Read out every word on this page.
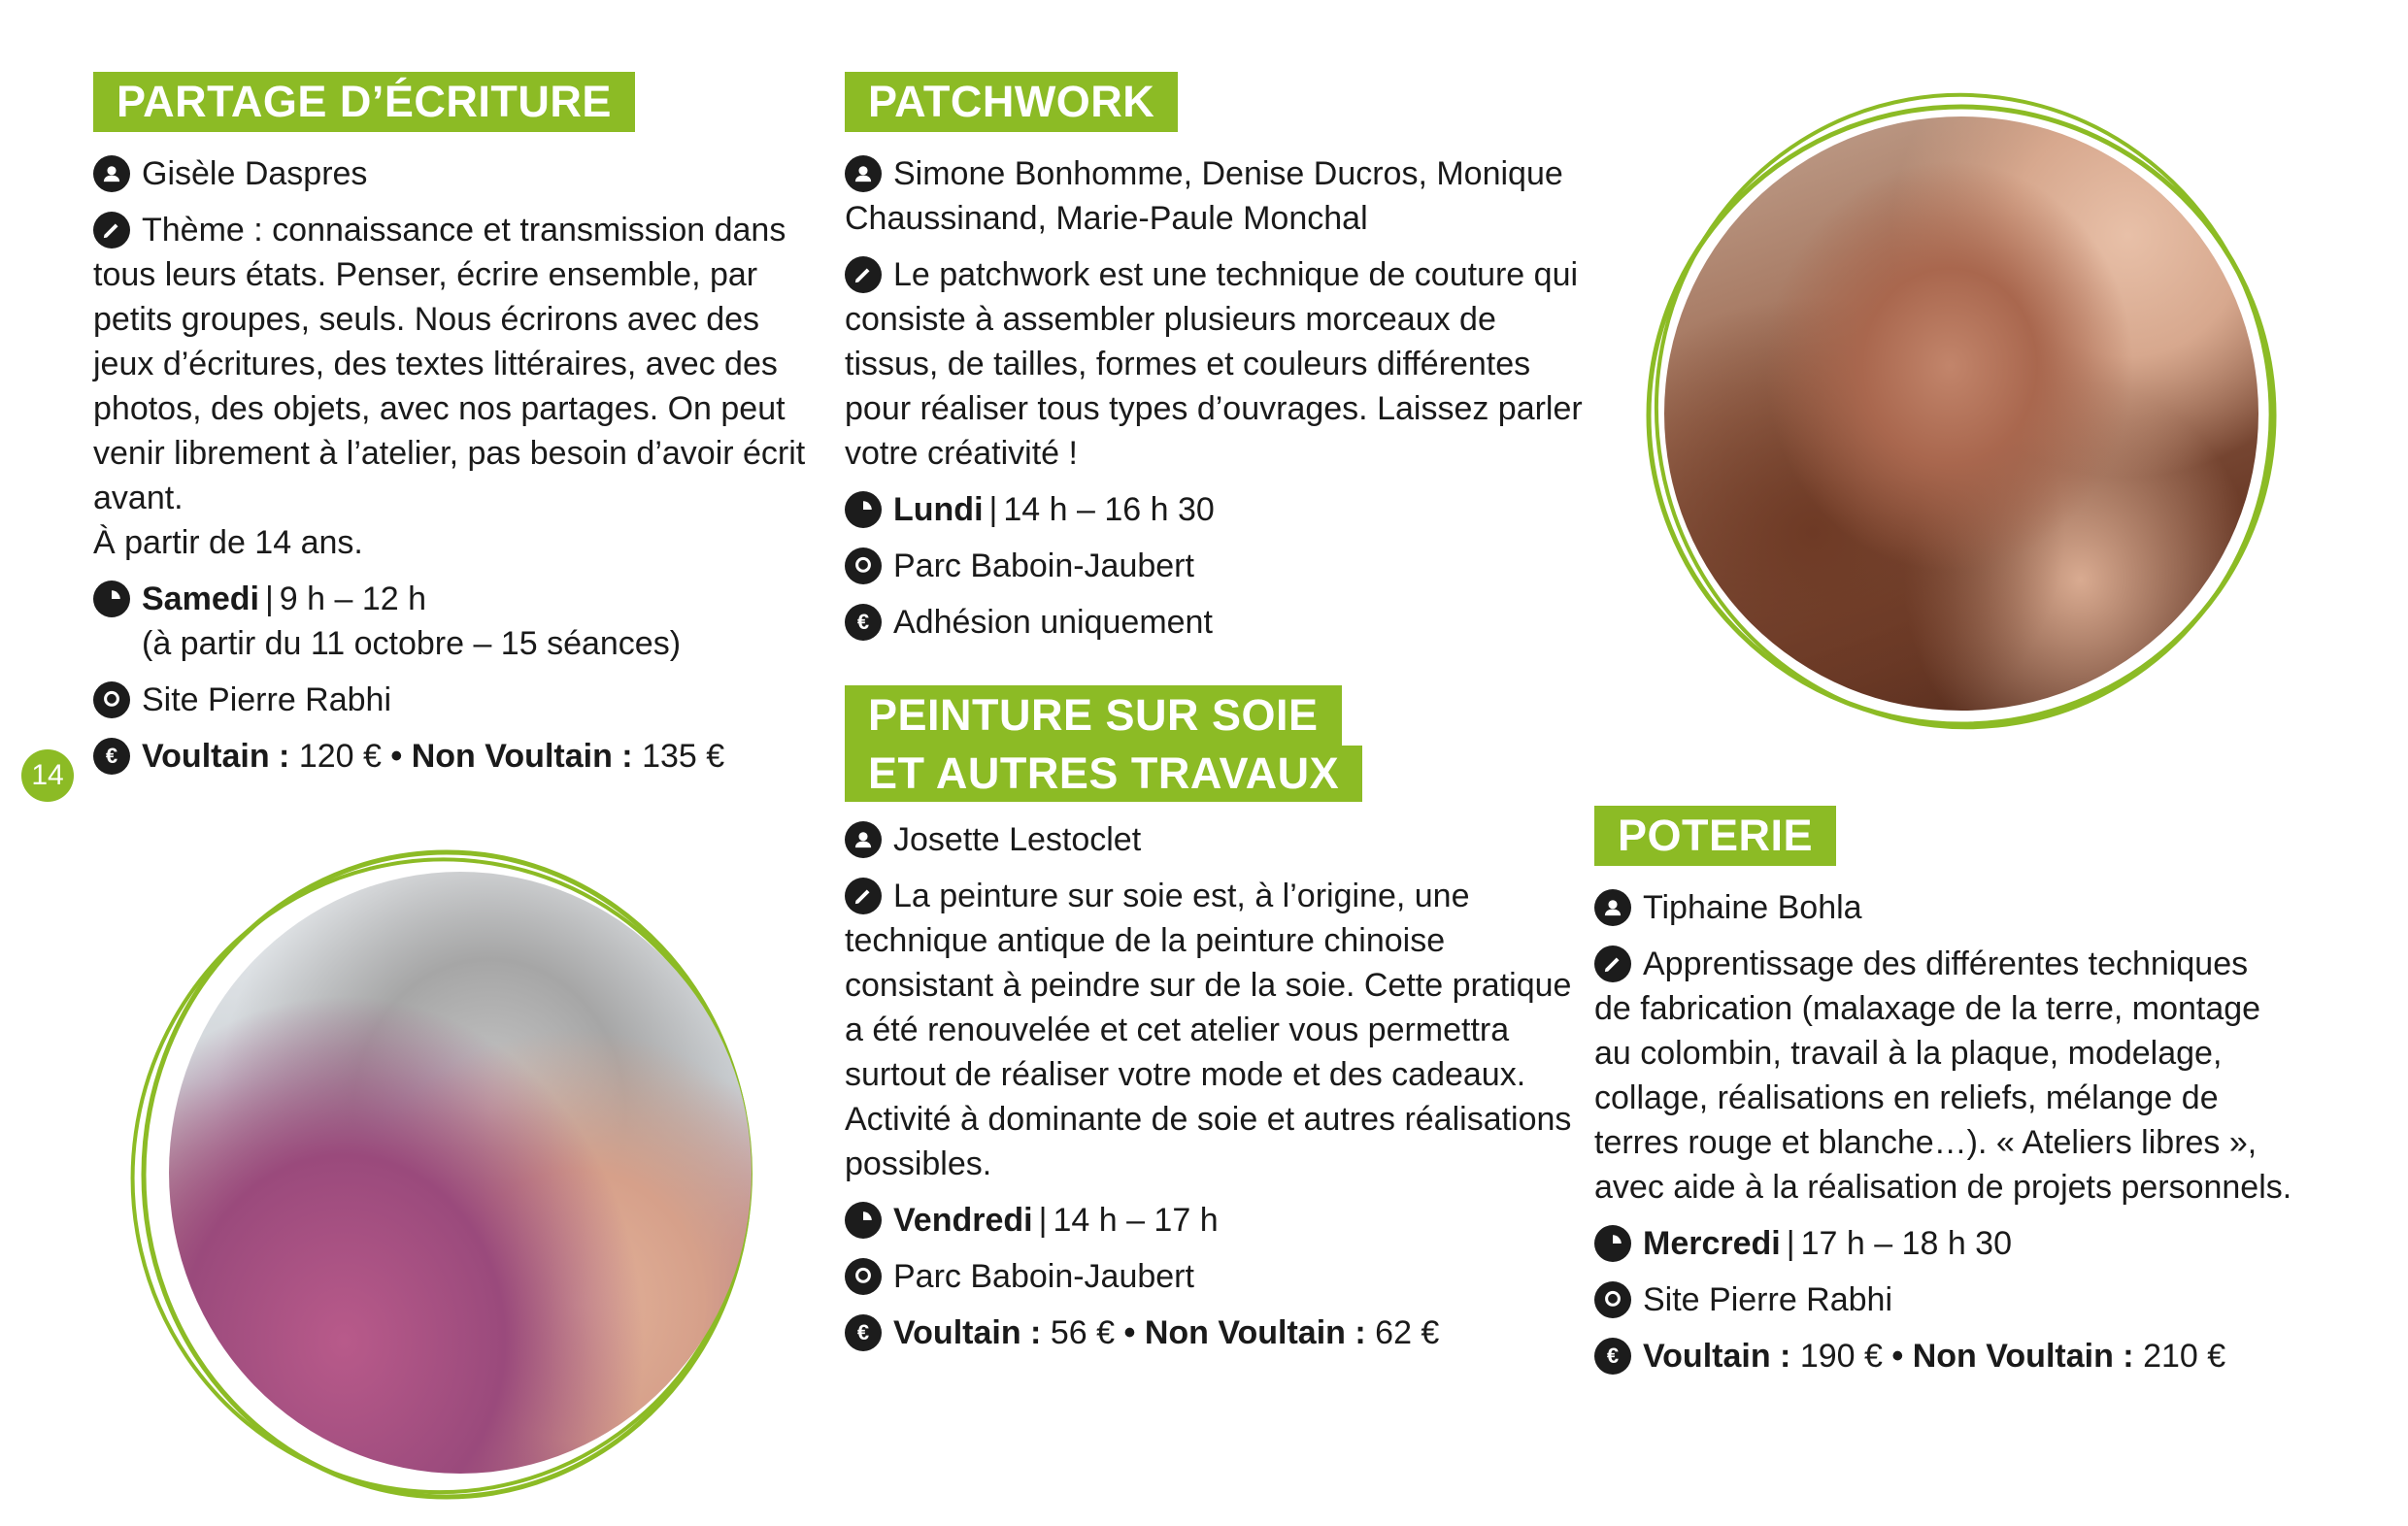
14
PARTAGE D’ÉCRITURE
Gisèle Daspres
Thème : connaissance et transmission dans tous leurs états. Penser, écrire ensemble, par petits groupes, seuls. Nous écrirons avec des jeux d’écritures, des textes littéraires, avec des photos, des objets, avec nos partages. On peut venir librement à l’atelier, pas besoin d’avoir écrit avant.
À partir de 14 ans.
Samedi | 9 h – 12 h
(à partir du 11 octobre – 15 séances)
Site Pierre Rabhi
€ Voultain : 120 € • Non Voultain : 135 €
PATCHWORK
Simone Bonhomme, Denise Ducros, Monique Chaussinand, Marie-Paule Monchal
Le patchwork est une technique de couture qui consiste à assembler plusieurs morceaux de tissus, de tailles, formes et couleurs différentes pour réaliser tous types d’ouvrages. Laissez parler votre créativité !
Lundi | 14 h – 16 h 30
Parc Baboin-Jaubert
€ Adhésion uniquement
PEINTURE SUR SOIE
ET AUTRES TRAVAUX
Josette Lestoclet
La peinture sur soie est, à l’origine, une technique antique de la peinture chinoise consistant à peindre sur de la soie. Cette pratique a été renouvelée et cet atelier vous permettra surtout de réaliser votre mode et des cadeaux. Activité à dominante de soie et autres réalisations possibles.
Vendredi | 14 h – 17 h
Parc Baboin-Jaubert
€ Voultain : 56 € • Non Voultain : 62 €
POTERIE
Tiphaine Bohla
Apprentissage des différentes techniques de fabrication (malaxage de la terre, montage au colombin, travail à la plaque, modelage, collage, réalisations en reliefs, mélange de terres rouge et blanche…). « Ateliers libres », avec aide à la réalisation de projets personnels.
Mercredi | 17 h – 18 h 30
Site Pierre Rabhi
€ Voultain : 190 € • Non Voultain : 210 €
